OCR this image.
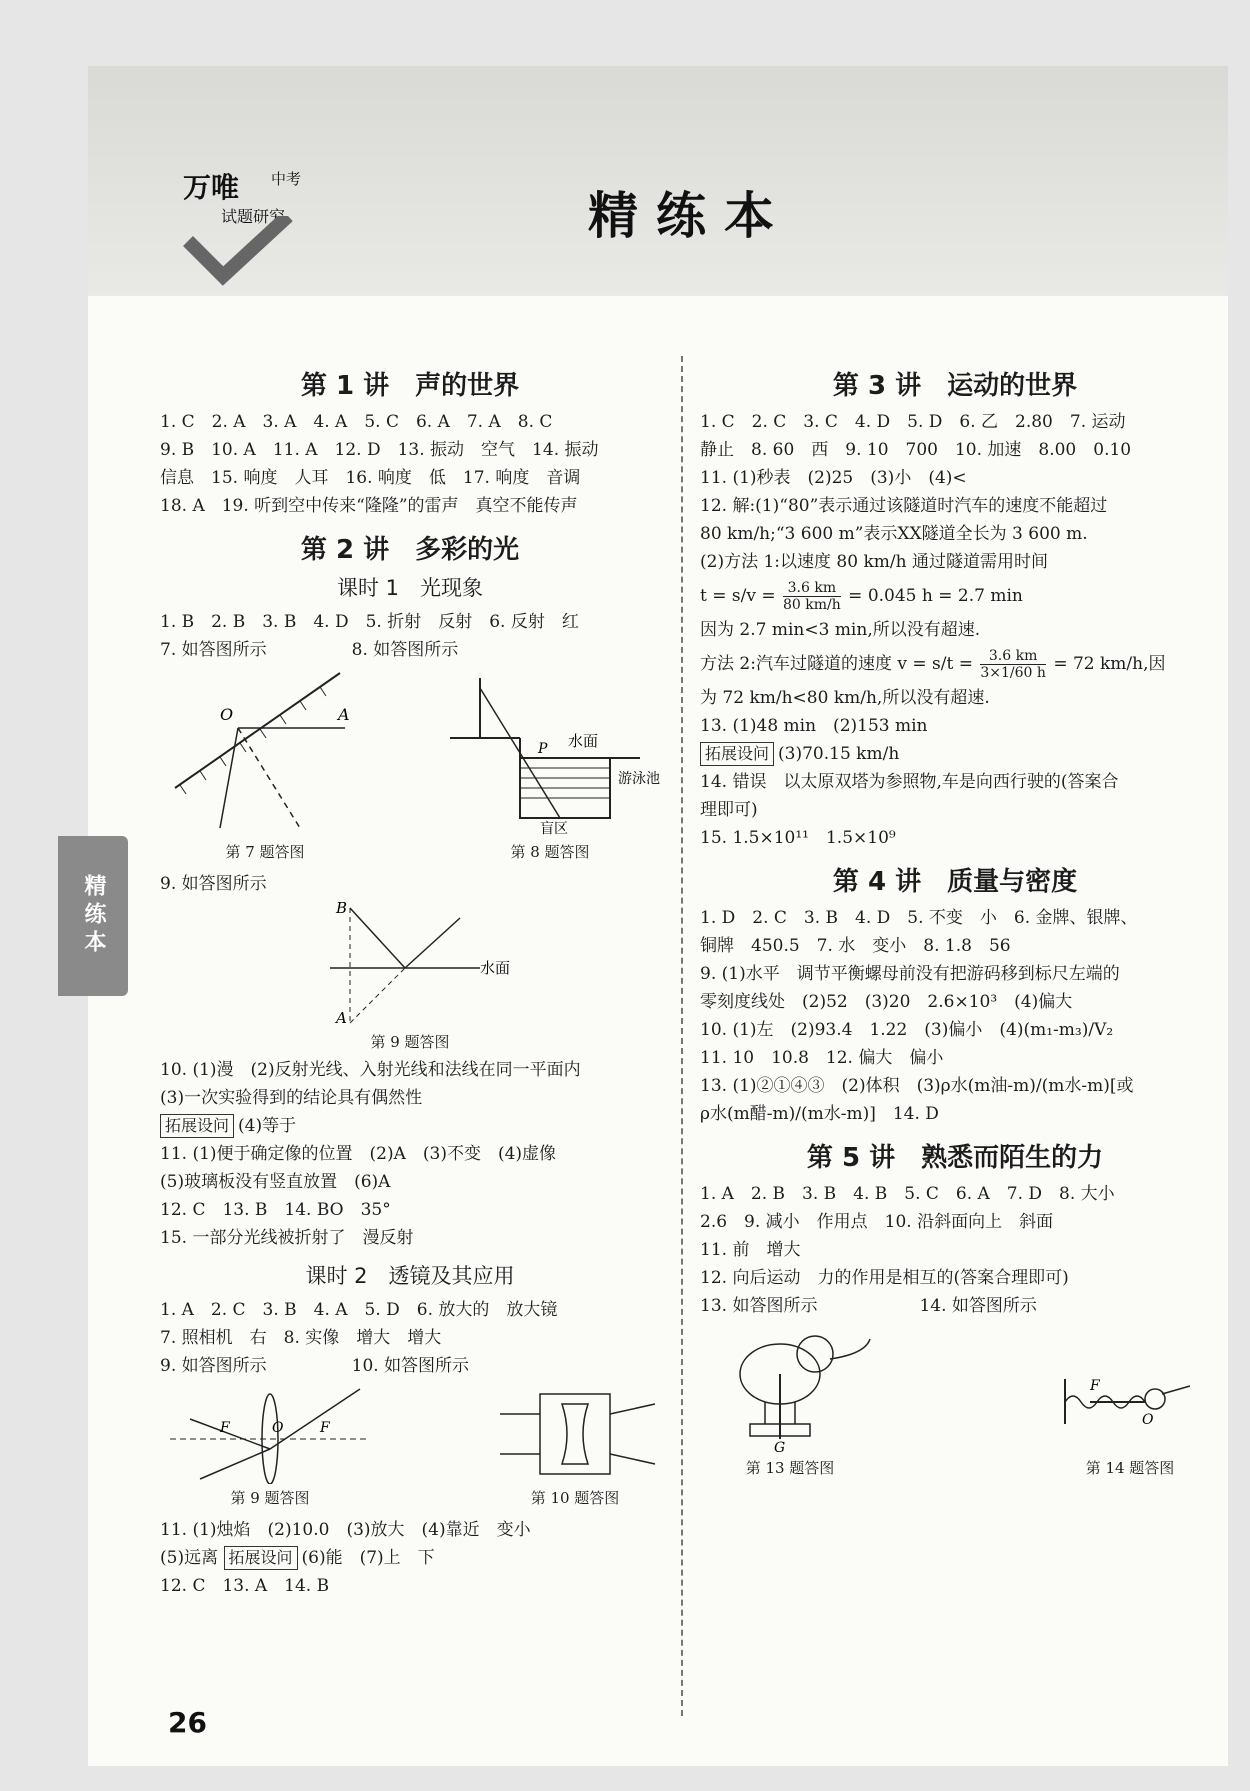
万唯 中考
试题研究	精练本
精练本
第 1 讲　声的世界
1. C　2. A　3. A　4. A　5. C　6. A　7. A　8. C
9. B　10. A　11. A　12. D　13. 振动　空气　14. 振动
信息　15. 响度　人耳　16. 响度　低　17. 响度　音调
18. A　19. 听到空中传来“隆隆”的雷声　真空不能传声
第 2 讲　多彩的光
课时 1　光现象
1. B　2. B　3. B　4. D　5. 折射　反射　6. 反射　红
7. 如答图所示　　　　　8. 如答图所示
O	A
第 7 题答图
P 水面
盲区
游泳池
第 8 题答图
9. 如答图所示
B
A
水面
第 9 题答图
10. (1)漫　(2)反射光线、入射光线和法线在同一平面内
(3)一次实验得到的结论具有偶然性
拓展设问 (4)等于
11. (1)便于确定像的位置　(2)A　(3)不变　(4)虚像
(5)玻璃板没有竖直放置　(6)A
12. C　13. B　14. BO　35°
15. 一部分光线被折射了　漫反射
课时 2　透镜及其应用
1. A　2. C　3. B　4. A　5. D　6. 放大的　放大镜
7. 照相机　右　8. 实像　增大　增大
9. 如答图所示　　　　　10. 如答图所示
F	O	F
第 9 题答图	第 10 题答图
11. (1)烛焰　(2)10.0　(3)放大　(4)靠近　变小
(5)远离 拓展设问 (6)能　(7)上　下
12. C　13. A　14. B
第 3 讲　运动的世界
1. C　2. C　3. C　4. D　5. D　6. 乙　2.80　7. 运动
静止　8. 60　西　9. 10　700　10. 加速　8.00　0.10
11. (1)秒表　(2)25　(3)小　(4)<
12. 解:(1)“80”表示通过该隧道时汽车的速度不能超过
80 km/h;“3 600 m”表示XX隧道全长为 3 600 m.
(2)方法 1:以速度 80 km/h 通过隧道需用时间
$t = s/v = \frac{3.6 km}{80 km/h} = 0.045$ h = 2.7 min
因为 2.7 min<3 min,所以没有超速.
方法 2:汽车过隧道的速度 $v = s/t = \frac{3.6 km}{3\times 1/60 h} = 72$ km/h,因
为 72 km/h<80 km/h,所以没有超速.
13. (1)48 min　(2)153 min
拓展设问 (3)70.15 km/h
14. 错误　以太原双塔为参照物,车是向西行驶的(答案合
理即可)
15. 1.5×10¹¹　1.5×10⁹
第 4 讲　质量与密度
1. D　2. C　3. B　4. D　5. 不变　小　6. 金牌、银牌、
铜牌　450.5　7. 水　变小　8. 1.8　56
9. (1)水平　调节平衡螺母前没有把游码移到标尺左端的
零刻度线处　(2)52　(3)20　2.6×10³　(4)偏大
10. (1)左　(2)93.4　1.22　(3)偏小　(4)(m₁-m₃)/V₂
11. 10　10.8　12. 偏大　偏小
13. (1)②①④③　(2)体积　(3)ρ水(m油-m)/(m水-m)[或
ρ水(m醋-m)/(m水-m)]　14. D
第 5 讲　熟悉而陌生的力
1. A　2. B　3. B　4. B　5. C　6. A　7. D　8. 大小
2.6　9. 减小　作用点　10. 沿斜面向上　斜面
11. 前　增大
12. 向后运动　力的作用是相互的(答案合理即可)
13. 如答图所示　　　　　　14. 如答图所示
G
第 13 题答图
F
O
第 14 题答图
26
